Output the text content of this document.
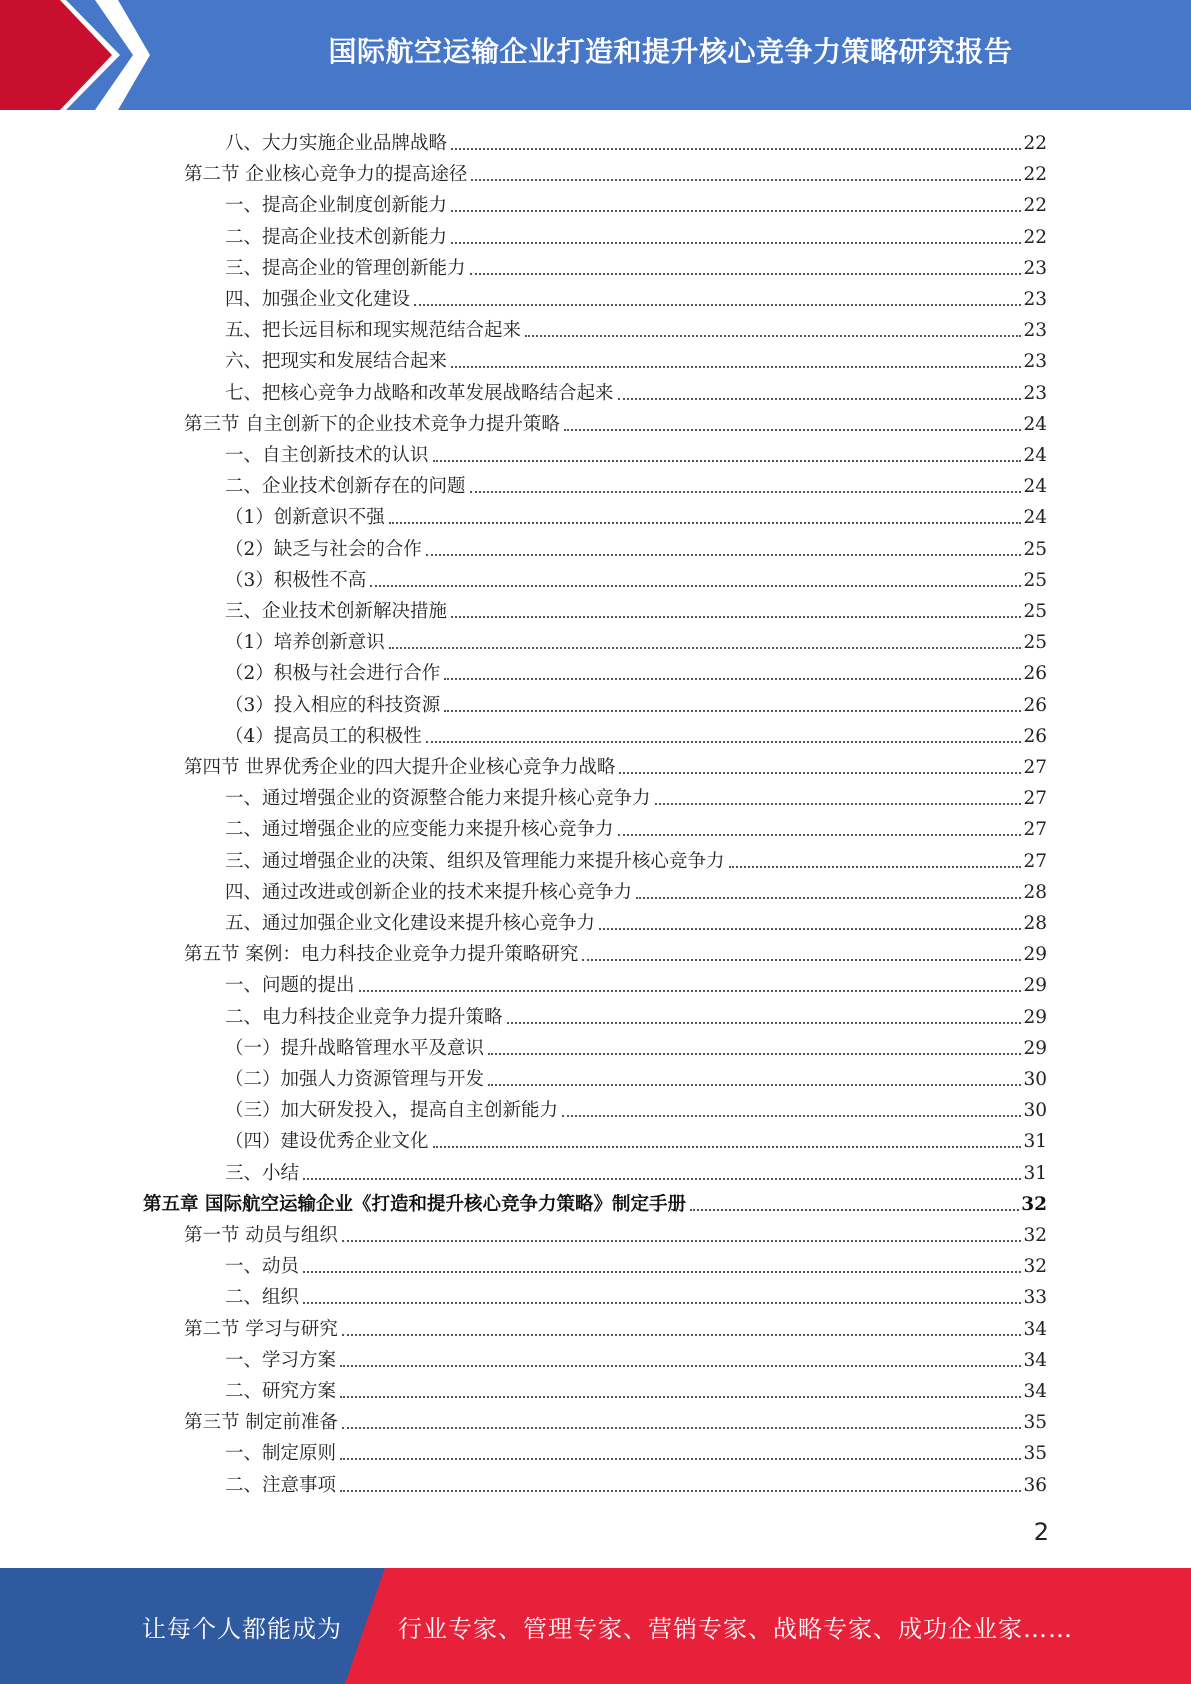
国际航空运输企业打造和提升核心竞争力策略研究报告
八、大力实施企业品牌战略	22
第二节 企业核心竞争力的提高途径	22
一、提高企业制度创新能力	22
二、提高企业技术创新能力	22
三、提高企业的管理创新能力	23
四、加强企业文化建设	23
五、把长远目标和现实规范结合起来	23
六、把现实和发展结合起来	23
七、把核心竞争力战略和改革发展战略结合起来	23
第三节 自主创新下的企业技术竞争力提升策略	24
一、自主创新技术的认识	24
二、企业技术创新存在的问题	24
（1）创新意识不强	24
（2）缺乏与社会的合作	25
（3）积极性不高	25
三、企业技术创新解决措施	25
（1）培养创新意识	25
（2）积极与社会进行合作	26
（3）投入相应的科技资源	26
（4）提高员工的积极性	26
第四节 世界优秀企业的四大提升企业核心竞争力战略	27
一、通过增强企业的资源整合能力来提升核心竞争力	27
二、通过增强企业的应变能力来提升核心竞争力	27
三、通过增强企业的决策、组织及管理能力来提升核心竞争力	27
四、通过改进或创新企业的技术来提升核心竞争力	28
五、通过加强企业文化建设来提升核心竞争力	28
第五节 案例：电力科技企业竞争力提升策略研究	29
一、问题的提出	29
二、电力科技企业竞争力提升策略	29
（一）提升战略管理水平及意识	29
（二）加强人力资源管理与开发	30
（三）加大研发投入，提高自主创新能力	30
（四）建设优秀企业文化	31
三、小结	31
第五章 国际航空运输企业《打造和提升核心竞争力策略》制定手册	32
第一节 动员与组织	32
一、动员	32
二、组织	33
第二节 学习与研究	34
一、学习方案	34
二、研究方案	34
第三节 制定前准备	35
一、制定原则	35
二、注意事项	36
2
让每个人都能成为 行业专家、管理专家、营销专家、战略专家、成功企业家……
